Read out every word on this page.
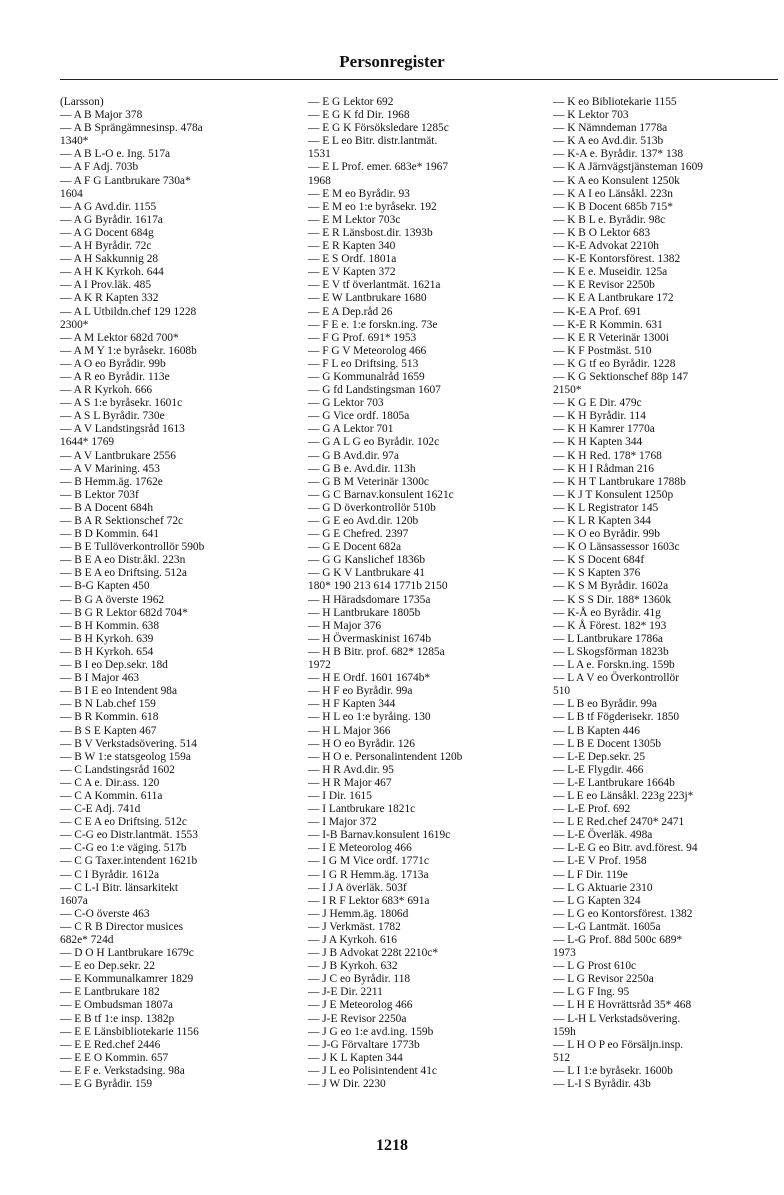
Personregister
(Larsson)
— A B Major 378
— A B Sprängämnesinsp. 478a
1340*
— A B L-O e. Ing. 517a
— A F Adj. 703b
— A F G Lantbrukare 730a*
1604
— A G Avd.dir. 1155
— A G Byrådir. 1617a
— A G Docent 684g
— A H Byrådir. 72c
— A H Sakkunnig 28
— A H K Kyrkoh. 644
— A I Prov.läk. 485
— A K R Kapten 332
— A L Utbildn.chef 129 1228
2300*
— A M Lektor 682d 700*
— A M Y 1:e byråsekr. 1608b
— A O eo Byrådir. 99b
— A R eo Byrådir. 113e
— A R Kyrkoh. 666
— A S 1:e byråsekr. 1601c
— A S L Byrådir. 730e
— A V Landstingsråd 1613
1644* 1769
— A V Lantbrukare 2556
— A V Marining. 453
— B Hemm.äg. 1762e
— B Lektor 703f
— B A Docent 684h
— B A R Sektionschef 72c
— B D Kommin. 641
— B E Tullöverkontrollör 590b
— B E A eo Distr.åkl. 223n
— B E A eo Driftsing. 512a
— B-G Kapten 450
— B G A överste 1962
— B G R Lektor 682d 704*
— B H Kommin. 638
— B H Kyrkoh. 639
— B H Kyrkoh. 654
— B I eo Dep.sekr. 18d
— B I Major 463
— B I E eo Intendent 98a
— B N Lab.chef 159
— B R Kommin. 618
— B S E Kapten 467
— B V Verkstadsövering. 514
— B W 1:e statsgeolog 159a
— C Landstingsråd 1602
— C A e. Dir.ass. 120
— C A Kommin. 611a
— C-E Adj. 741d
— C E A eo Driftsing. 512c
— C-G eo Distr.lantmät. 1553
— C-G eo 1:e väging. 517b
— C G Taxer.intendent 1621b
— C I Byrådir. 1612a
— C L-I Bitr. länsarkitekt
1607a
— C-O överste 463
— C R B Director musices
682e* 724d
— D O H Lantbrukare 1679c
— E eo Dep.sekr. 22
— E Kommunalkamrer 1829
— E Lantbrukare 182
— E Ombudsman 1807a
— E B tf 1:e insp. 1382p
— E E Länsbibliotekarie 1156
— E E Red.chef 2446
— E E O Kommin. 657
— E F e. Verkstadsing. 98a
— E G Byrådir. 159
— E G Lektor 692
— E G K fd Dir. 1968
— E G K Försöksledare 1285c
— E L eo Bitr. distr.lantmät.
1531
— E L Prof. emer. 683e* 1967
1968
— E M eo Byrådir. 93
— E M eo 1:e byråsekr. 192
— E M Lektor 703c
— E R Länsbost.dir. 1393b
— E R Kapten 340
— E S Ordf. 1801a
— E V Kapten 372
— E V tf överlantmät. 1621a
— E W Lantbrukare 1680
— E A Dep.råd 26
— F E e. 1:e forskn.ing. 73e
— F G Prof. 691* 1953
— F G V Meteorolog 466
— F L eo Driftsing. 513
— G Kommunalråd 1659
— G fd Landstingsman 1607
— G Lektor 703
— G Vice ordf. 1805a
— G A Lektor 701
— G A L G eo Byrådir. 102c
— G B Avd.dir. 97a
— G B e. Avd.dir. 113h
— G B M Veterinär 1300c
— G C Barnav.konsulent 1621c
— G D överkontrollör 510b
— G E eo Avd.dir. 120b
— G E Chefred. 2397
— G E Docent 682a
— G G Kanslichef 1836b
— G K V Lantbrukare 41
180* 190 213 614 1771b 2150
— H Häradsdomare 1735a
— H Lantbrukare 1805b
— H Major 376
— H Övermaskinist 1674b
— H B Bitr. prof. 682* 1285a
1972
— H E Ordf. 1601 1674b*
— H F eo Byrådir. 99a
— H F Kapten 344
— H L eo 1:e byråing. 130
— H L Major 366
— H O eo Byrådir. 126
— H O e. Personalintendent 120b
— H R Avd.dir. 95
— H R Major 467
— I Dir. 1615
— I Lantbrukare 1821c
— I Major 372
— I-B Barnav.konsulent 1619c
— I E Meteorolog 466
— I G M Vice ordf. 1771c
— I G R Hemm.äg. 1713a
— I J A överläk. 503f
— I R F Lektor 683* 691a
— J Hemm.äg. 1806d
— J Verkmäst. 1782
— J A Kyrkoh. 616
— J B Advokat 228t 2210c*
— J B Kyrkoh. 632
— J C eo Byrådir. 118
— J-E Dir. 2211
— J E Meteorolog 466
— J-E Revisor 2250a
— J G eo 1:e avd.ing. 159b
— J-G Förvaltare 1773b
— J K L Kapten 344
— J L eo Polisintendent 41c
— J W Dir. 2230
— K eo Bibliotekarie 1155
— K Lektor 703
— K Nämndeman 1778a
— K A eo Avd.dir. 513b
— K-A e. Byrådir. 137* 138
— K A Järnvägstjänsteman 1609
— K A eo Konsulent 1250k
— K A I eo Länsåkl. 223n
— K B Docent 685b 715*
— K B L e. Byrådir. 98c
— K B O Lektor 683
— K-E Advokat 2210h
— K-E Kontorsförest. 1382
— K E e. Museidir. 125a
— K E Revisor 2250b
— K E A Lantbrukare 172
— K-E A Prof. 691
— K-E R Kommin. 631
— K E R Veterinär 1300i
— K F Postmäst. 510
— K G tf eo Byrådir. 1228
— K G Sektionschef 88p 147
2150*
— K G E Dir. 479c
— K H Byrådir. 114
— K H Kamrer 1770a
— K H Kapten 344
— K H Red. 178* 1768
— K H I Rådman 216
— K H T Lantbrukare 1788b
— K J T Konsulent 1250p
— K L Registrator 145
— K L R Kapten 344
— K O eo Byrådir. 99b
— K O Länsassessor 1603c
— K S Docent 684f
— K S Kapten 376
— K S M Byrådir. 1602a
— K S S Dir. 188* 1360k
— K-Å eo Byrådir. 41g
— K Å Förest. 182* 193
— L Lantbrukare 1786a
— L Skogsförman 1823b
— L A e. Forskn.ing. 159b
— L A V eo Överkontrollör
510
— L B eo Byrådir. 99a
— L B tf Fögderisekr. 1850
— L B Kapten 446
— L B E Docent 1305b
— L-E Dep.sekr. 25
— L-E Flygdir. 466
— L-E Lantbrukare 1664b
— L E eo Länsåkl. 223g 223j*
— L-E Prof. 692
— L E Red.chef 2470* 2471
— L-E Överläk. 498a
— L-E G eo Bitr. avd.förest. 94
— L-E V Prof. 1958
— L F Dir. 119e
— L G Aktuarie 2310
— L G Kapten 324
— L G eo Kontorsförest. 1382
— L-G Lantmät. 1605a
— L-G Prof. 88d 500c 689*
1973
— L G Prost 610c
— L G Revisor 2250a
— L G F Ing. 95
— L H E Hovrättsråd 35* 468
— L-H L Verkstadsövering.
159h
— L H O P eo Försäljn.insp.
512
— L I 1:e byråsekr. 1600b
— L-I S Byrådir. 43b
1218
